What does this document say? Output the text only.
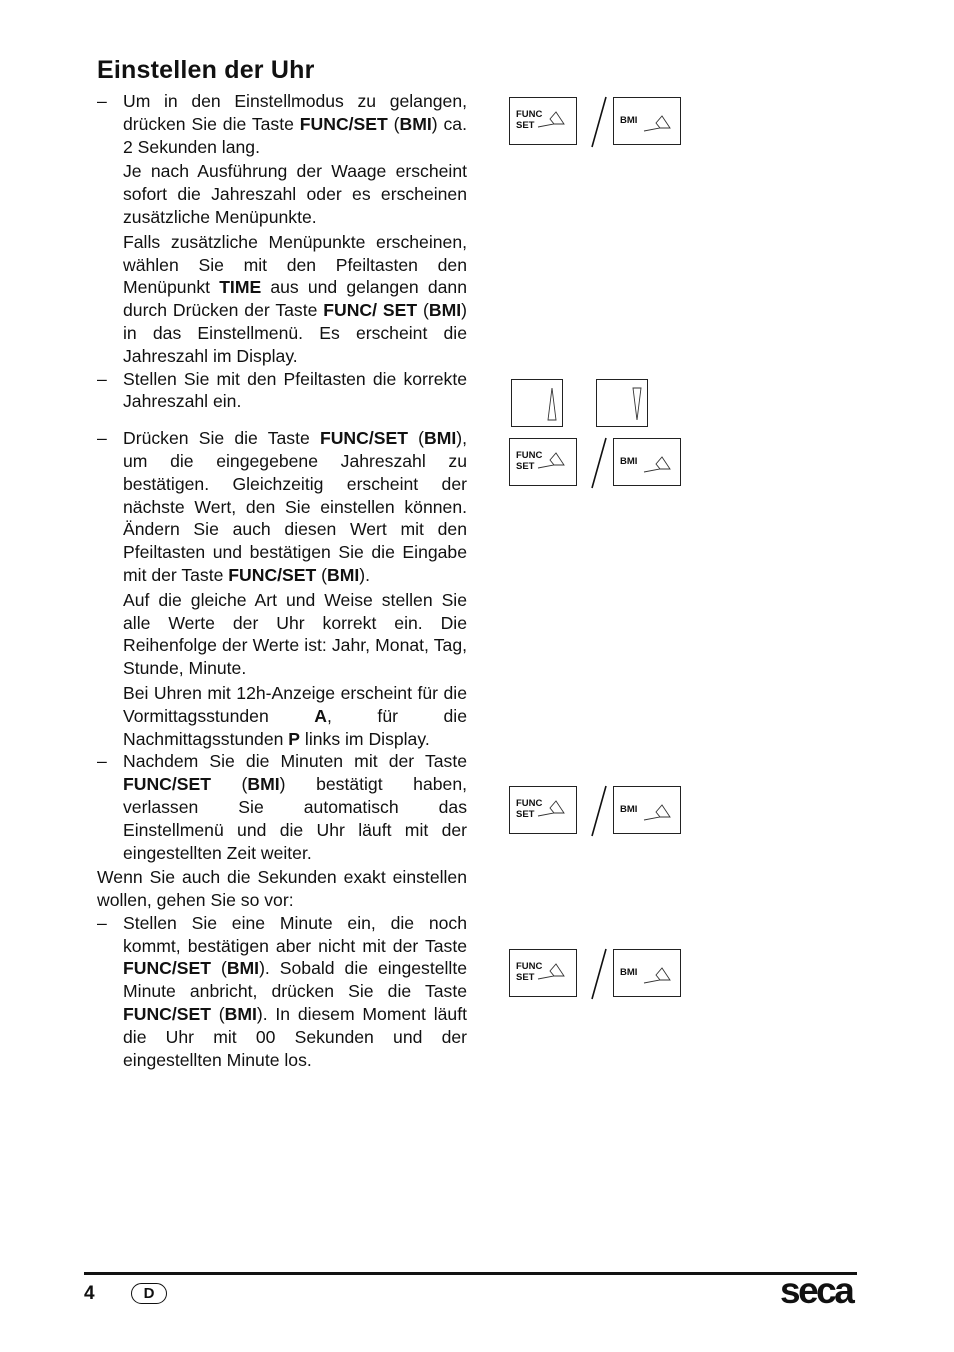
Einstellen der Uhr

– Um in den Einstellmodus zu gelangen, drücken Sie die Taste FUNC/SET (BMI) ca. 2 Sekunden lang.

Je nach Ausführung der Waage erscheint sofort die Jahreszahl oder es erscheinen zusätzliche Menüpunkte.

Falls zusätzliche Menüpunkte erscheinen, wählen Sie mit den Pfeiltasten den Menüpunkt TIME aus und gelangen dann durch Drücken der Taste FUNC/ SET (BMI) in das Einstellmenü. Es erscheint die Jahreszahl im Display.

– Stellen Sie mit den Pfeiltasten die korrekte Jahreszahl ein.

– Drücken Sie die Taste FUNC/SET (BMI), um die eingegebene Jahreszahl zu bestätigen. Gleichzeitig erscheint der nächste Wert, den Sie einstellen können. Ändern Sie auch diesen Wert mit den Pfeiltasten und bestätigen Sie die Eingabe mit der Taste FUNC/SET (BMI).

Auf die gleiche Art und Weise stellen Sie alle Werte der Uhr korrekt ein. Die Reihenfolge der Werte ist: Jahr, Monat, Tag, Stunde, Minute.

Bei Uhren mit 12h-Anzeige erscheint für die Vormittagsstunden A, für die Nachmittagsstunden P links im Display.

– Nachdem Sie die Minuten mit der Taste FUNC/SET (BMI) bestätigt haben, verlassen Sie automatisch das Einstellmenü und die Uhr läuft mit der eingestellten Zeit weiter.

Wenn Sie auch die Sekunden exakt einstellen wollen, gehen Sie so vor:

– Stellen Sie eine Minute ein, die noch kommt, bestätigen aber nicht mit der Taste FUNC/SET (BMI). Sobald die eingestellte Minute anbricht, drücken Sie die Taste FUNC/SET (BMI). In diesem Moment läuft die Uhr mit 00 Sekunden und der eingestellten Minute los.

FUNC
SET	BMI
FUNC
SET	BMI
FUNC
SET	BMI
FUNC
SET	BMI
4	D	seca
